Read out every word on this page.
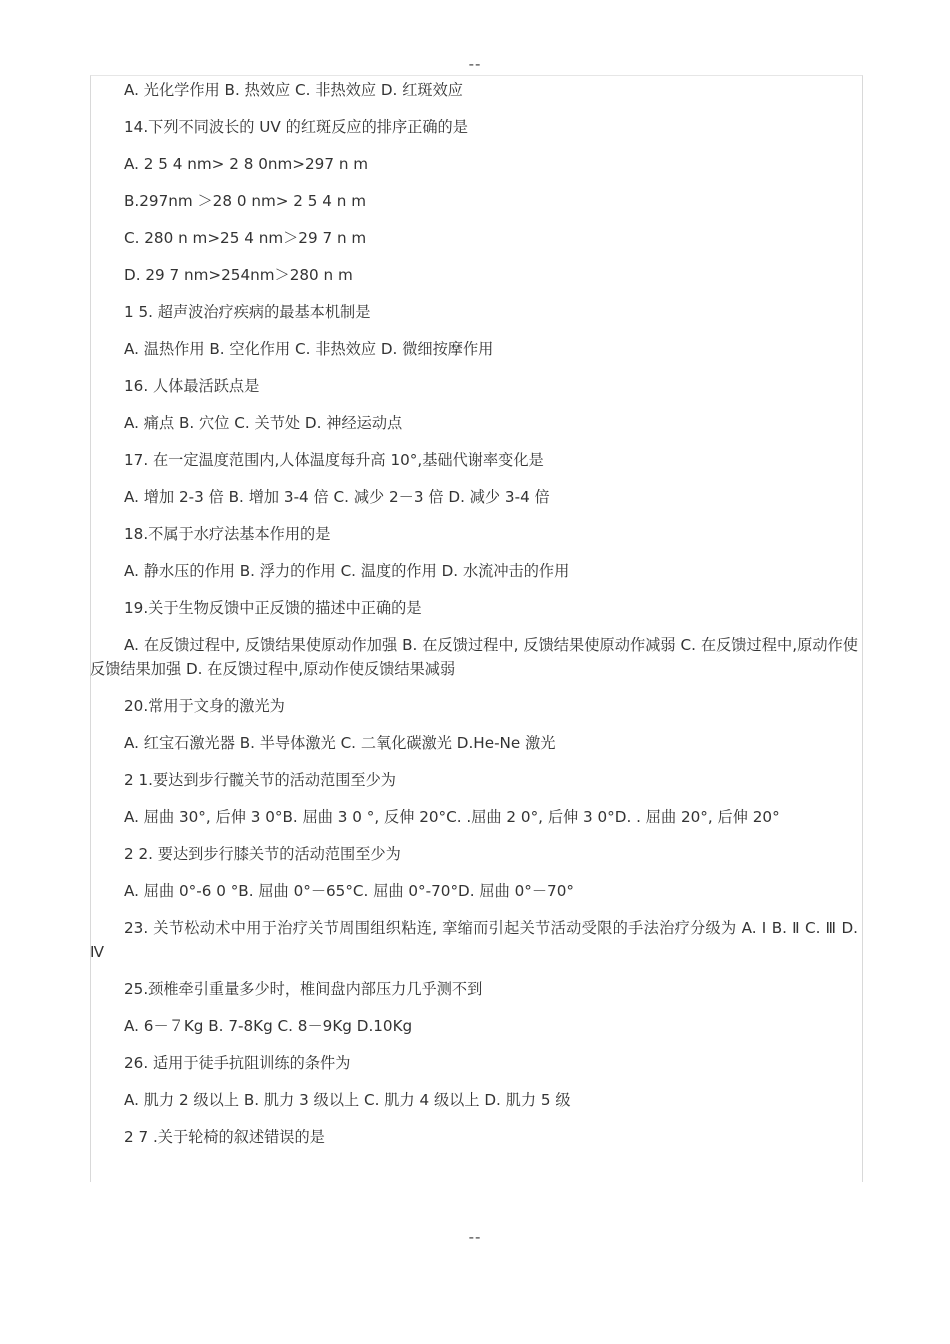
--
A. 光化学作用 B. 热效应 C. 非热效应 D. 红斑效应
14.下列不同波长的 UV 的红斑反应的排序正确的是
A. 2 5 4 nm> 2 8 0nm>297 n m
B.297nm ＞28 0 nm> 2 5 4 n m
C. 280 n m>25 4 nm＞29 7 n m
D. 29 7 nm>254nm＞280 n m
1 5. 超声波治疗疾病的最基本机制是
A. 温热作用 B. 空化作用 C. 非热效应 D. 微细按摩作用
16. 人体最活跃点是
A. 痛点 B. 穴位 C. 关节处 D. 神经运动点
17. 在一定温度范围内,人体温度每升高 10°,基础代谢率变化是
A. 增加 2-3 倍 B. 增加 3-4 倍 C. 减少 2－3 倍 D. 减少 3-4 倍
18.不属于水疗法基本作用的是
A. 静水压的作用 B. 浮力的作用 C. 温度的作用 D. 水流冲击的作用
19.关于生物反馈中正反馈的描述中正确的是
A. 在反馈过程中, 反馈结果使原动作加强 B. 在反馈过程中, 反馈结果使原动作减弱 C. 在反馈过程中,原动作使反馈结果加强 D. 在反馈过程中,原动作使反馈结果减弱
20.常用于文身的激光为
A. 红宝石激光器 B. 半导体激光 C. 二氧化碳激光 D.He-Ne 激光
2 1.要达到步行髋关节的活动范围至少为
A. 屈曲 30°, 后伸 3 0°B. 屈曲 3 0 °, 反伸 20°C. .屈曲 2 0°, 后伸 3 0°D. . 屈曲 20°, 后伸 20°
2 2. 要达到步行膝关节的活动范围至少为
A. 屈曲 0°-6 0 °B. 屈曲 0°－65°C. 屈曲 0°-70°D. 屈曲 0°－70°
23. 关节松动术中用于治疗关节周围组织粘连, 挛缩而引起关节活动受限的手法治疗分级为 A. Ⅰ B. Ⅱ C. Ⅲ D. Ⅳ
25.颈椎牵引重量多少时，椎间盘内部压力几乎测不到
A. 6－７Kg B. 7-8Kg C. 8－9Kg D.10Kg
26. 适用于徒手抗阻训练的条件为
A. 肌力 2 级以上 B. 肌力 3 级以上 C. 肌力 4 级以上 D. 肌力 5 级
2 7 .关于轮椅的叙述错误的是
--
